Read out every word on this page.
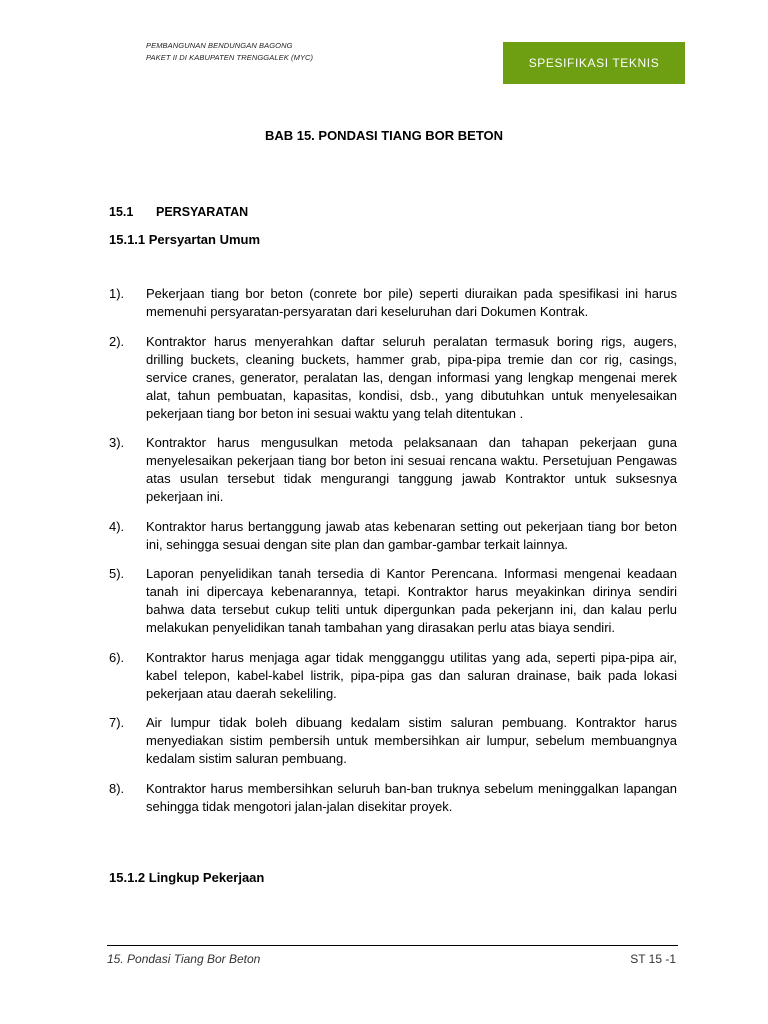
PEMBANGUNAN BENDUNGAN BAGONG
PAKET II DI KABUPATEN TRENGGALEK (MYC)	SPESIFIKASI TEKNIS
BAB 15. PONDASI TIANG BOR BETON
15.1 PERSYARATAN
15.1.1 Persyartan Umum
1).	Pekerjaan tiang bor beton (conrete bor pile) seperti diuraikan pada spesifikasi ini harus memenuhi persyaratan-persyaratan dari keseluruhan dari Dokumen Kontrak.
2).	Kontraktor harus menyerahkan daftar seluruh peralatan termasuk boring rigs, augers, drilling buckets, cleaning buckets, hammer grab, pipa-pipa tremie dan cor rig, casings, service cranes, generator, peralatan las, dengan informasi yang lengkap mengenai merek alat, tahun pembuatan, kapasitas, kondisi, dsb., yang dibutuhkan untuk menyelesaikan pekerjaan tiang bor beton ini sesuai waktu yang telah ditentukan .
3).	Kontraktor harus mengusulkan metoda pelaksanaan dan tahapan pekerjaan guna menyelesaikan pekerjaan tiang bor beton ini sesuai rencana waktu. Persetujuan Pengawas atas usulan tersebut tidak mengurangi tanggung jawab Kontraktor untuk suksesnya pekerjaan ini.
4).	Kontraktor harus bertanggung jawab atas kebenaran setting out pekerjaan tiang bor beton ini, sehingga sesuai dengan site plan dan gambar-gambar terkait lainnya.
5).	Laporan penyelidikan tanah tersedia di Kantor Perencana. Informasi mengenai keadaan tanah ini dipercaya kebenarannya, tetapi. Kontraktor harus meyakinkan dirinya sendiri bahwa data tersebut cukup teliti untuk dipergunkan pada pekerjann ini, dan kalau perlu melakukan penyelidikan tanah tambahan yang dirasakan perlu atas biaya sendiri.
6).	Kontraktor harus menjaga agar tidak mengganggu utilitas yang ada, seperti pipa-pipa air, kabel telepon, kabel-kabel listrik, pipa-pipa gas dan saluran drainase, baik pada lokasi pekerjaan atau daerah sekeliling.
7).	Air lumpur tidak boleh dibuang kedalam sistim saluran pembuang. Kontraktor harus menyediakan sistim pembersih untuk membersihkan air lumpur, sebelum membuangnya kedalam sistim saluran pembuang.
8).	Kontraktor harus membersihkan seluruh ban-ban truknya sebelum meninggalkan lapangan sehingga tidak mengotori jalan-jalan disekitar proyek.
15.1.2 Lingkup Pekerjaan
15. Pondasi Tiang Bor Beton	ST 15 -1
